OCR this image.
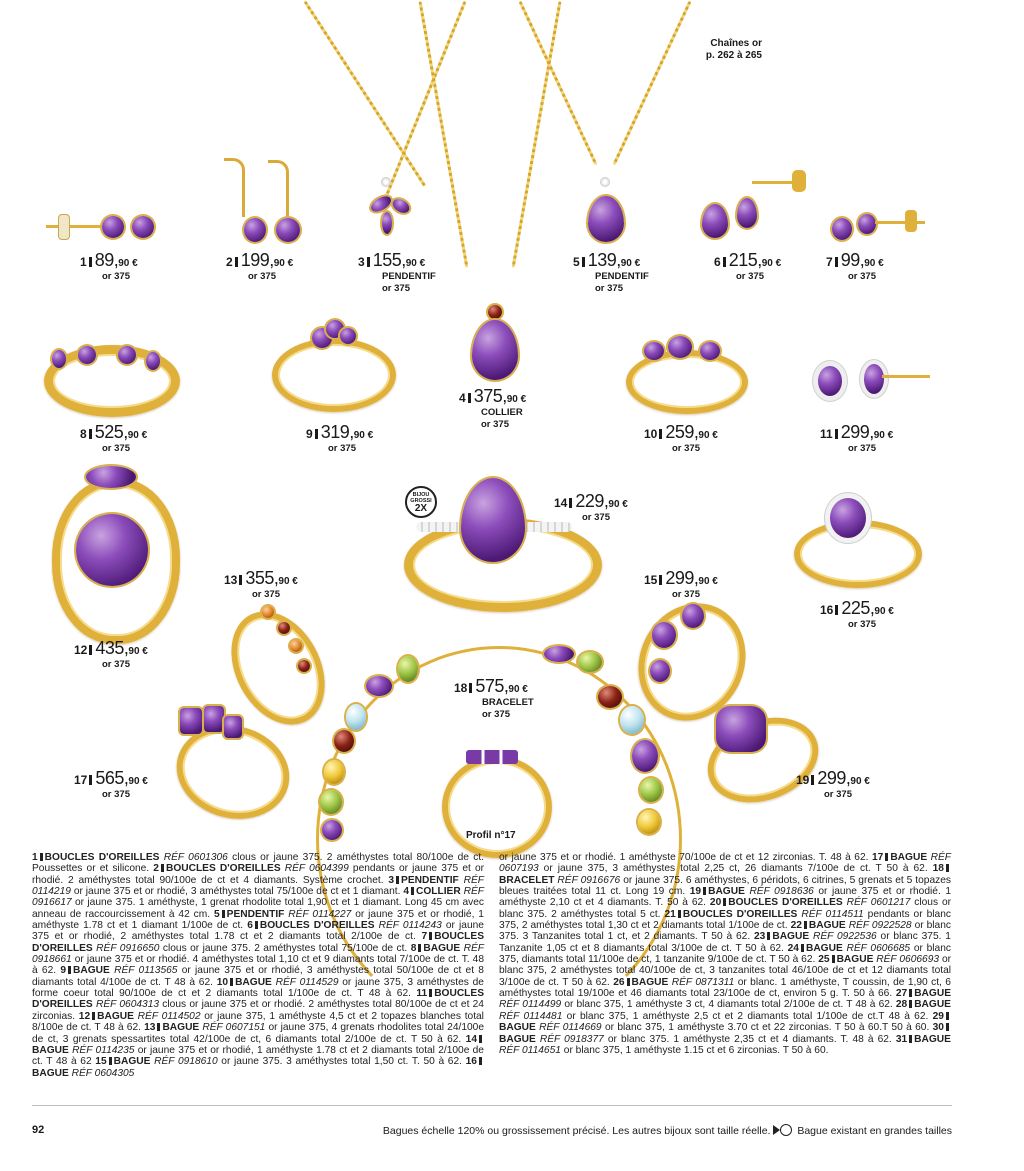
Chaînes or
p. 262 à 265
BIJOU
GROSSI
2X
Profil n°17
1 89,90 €
or 375
2 199,90 €
or 375
3 155,90 €
PENDENTIF
or 375
4 375,90 €
COLLIER
or 375
5 139,90 €
PENDENTIF
or 375
6 215,90 €
or 375
7 99,90 €
or 375
8 525,90 €
or 375
9 319,90 €
or 375
10 259,90 €
or 375
11 299,90 €
or 375
12 435,90 €
or 375
13 355,90 €
or 375
14 229,90 €
or 375
15 299,90 €
or 375
16 225,90 €
or 375
17 565,90 €
or 375
18 575,90 €
BRACELET
or 375
19 299,90 €
or 375
1 BOUCLES D'OREILLES RÉF 0601306 clous or jaune 375. 2 améthystes total 80/100e de ct. Poussettes or et silicone. 2 BOUCLES D'OREILLES RÉF 0604399 pendants or jaune 375 et or rhodié. 2 améthystes total 90/100e de ct et 4 diamants. Système crochet. 3 PENDENTIF RÉF 0114219 or jaune 375 et or rhodié, 3 améthystes total 75/100e de ct et 1 diamant. 4 COLLIER RÉF 0916617 or jaune 375. 1 améthyste, 1 grenat rhodolite total 1,90 ct et 1 diamant. Long 45 cm avec anneau de raccourcissement à 42 cm. 5 PENDENTIF RÉF 0114227 or jaune 375 et or rhodié, 1 améthyste 1.78 ct et 1 diamant 1/100e de ct. 6 BOUCLES D'OREILLES RÉF 0114243 or jaune 375 et or rhodié, 2 améthystes total 1.78 ct et 2 diamants total 2/100e de ct. 7 BOUCLES D'OREILLES RÉF 0916650 clous or jaune 375. 2 améthystes total 75/100e de ct. 8 BAGUE RÉF 0918661 or jaune 375 et or rhodié. 4 améthystes total 1,10 ct et 9 diamants total 7/100e de ct. T. 48 à 62. 9 BAGUE RÉF 0113565 or jaune 375 et or rhodié, 3 améthystes total 50/100e de ct et 8 diamants total 4/100e de ct. T 48 à 62. 10 BAGUE RÉF 0114529 or jaune 375, 3 améthystes de forme coeur total 90/100e de ct et 2 diamants total 1/100e de ct. T 48 à 62. 11 BOUCLES D'OREILLES RÉF 0604313 clous or jaune 375 et or rhodié. 2 améthystes total 80/100e de ct et 24 zirconias. 12 BAGUE RÉF 0114502 or jaune 375, 1 améthyste 4,5 ct et 2 topazes blanches total 8/100e de ct. T 48 à 62. 13 BAGUE RÉF 0607151 or jaune 375, 4 grenats rhodolites total 24/100e de ct, 3 grenats spessartites total 42/100e de ct, 6 diamants total 2/100e de ct. T 50 à 62. 14BAGUE RÉF 0114235 or jaune 375 et or rhodié, 1 améthyste 1.78 ct et 2 diamants total 2/100e de ct. T 48 à 62 15 BAGUE RÉF 0918610 or jaune 375. 3 améthystes total 1,50 ct. T. 50 à 62. 16BAGUE RÉF 0604305
or jaune 375 et or rhodié. 1 améthyste 70/100e de ct et 12 zirconias. T. 48 à 62. 17 BAGUE RÉF 0607193 or jaune 375, 3 améthystes total 2,25 ct, 26 diamants 7/100e de ct. T 50 à 62. 18BRACELET RÉF 0916676 or jaune 375. 6 améthystes, 6 péridots, 6 citrines, 5 grenats et 5 topazes bleues traitées total 11 ct. Long 19 cm. 19 BAGUE RÉF 0918636 or jaune 375 et or rhodié. 1 améthyste 2,10 ct et 4 diamants. T. 50 à 62. 20 BOUCLES D'OREILLES RÉF 0601217 clous or blanc 375. 2 améthystes total 5 ct. 21 BOUCLES D'OREILLES RÉF 0114511 pendants or blanc 375, 2 améthystes total 1,30 ct et 2 diamants total 1/100e de ct. 22 BAGUE RÉF 0922528 or blanc 375. 3 Tanzanites total 1 ct, et 2 diamants. T 50 à 62. 23 BAGUE RÉF 0922536 or blanc 375. 1 Tanzanite 1,05 ct et 8 diamants total 3/100e de ct. T 50 à 62. 24 BAGUE RÉF 0606685 or blanc 375, diamants total 11/100e de ct, 1 tanzanite 9/100e de ct. T 50 à 62. 25 BAGUE RÉF 0606693 or blanc 375, 2 améthystes total 40/100e de ct, 3 tanzanites total 46/100e de ct et 12 diamants total 3/100e de ct. T 50 à 62. 26 BAGUE RÉF 0871311 or blanc. 1 améthyste, T coussin, de 1,90 ct, 6 améthystes total 19/100e et 46 diamants total 23/100e de ct, environ 5 g. T. 50 à 66. 27 BAGUE RÉF 0114499 or blanc 375, 1 améthyste 3 ct, 4 diamants total 2/100e de ct. T 48 à 62. 28 BAGUE RÉF 0114481 or blanc 375, 1 améthyste 2,5 ct et 2 diamants total 1/100e de ct.T 48 à 62. 29BAGUE RÉF 0114669 or blanc 375, 1 améthyste 3.70 ct et 22 zirconias. T 50 à 60.T 50 à 60. 30BAGUE RÉF 0918377 or blanc 375. 1 améthyste 2,35 ct et 4 diamants. T. 48 à 62. 31 BAGUE RÉF 0114651 or blanc 375, 1 améthyste 1.15 ct et 6 zirconias. T 50 à 60.
92	Bagues échelle 120% ou grossissement précisé. Les autres bijoux sont taille réelle.	Bague existant en grandes tailles
